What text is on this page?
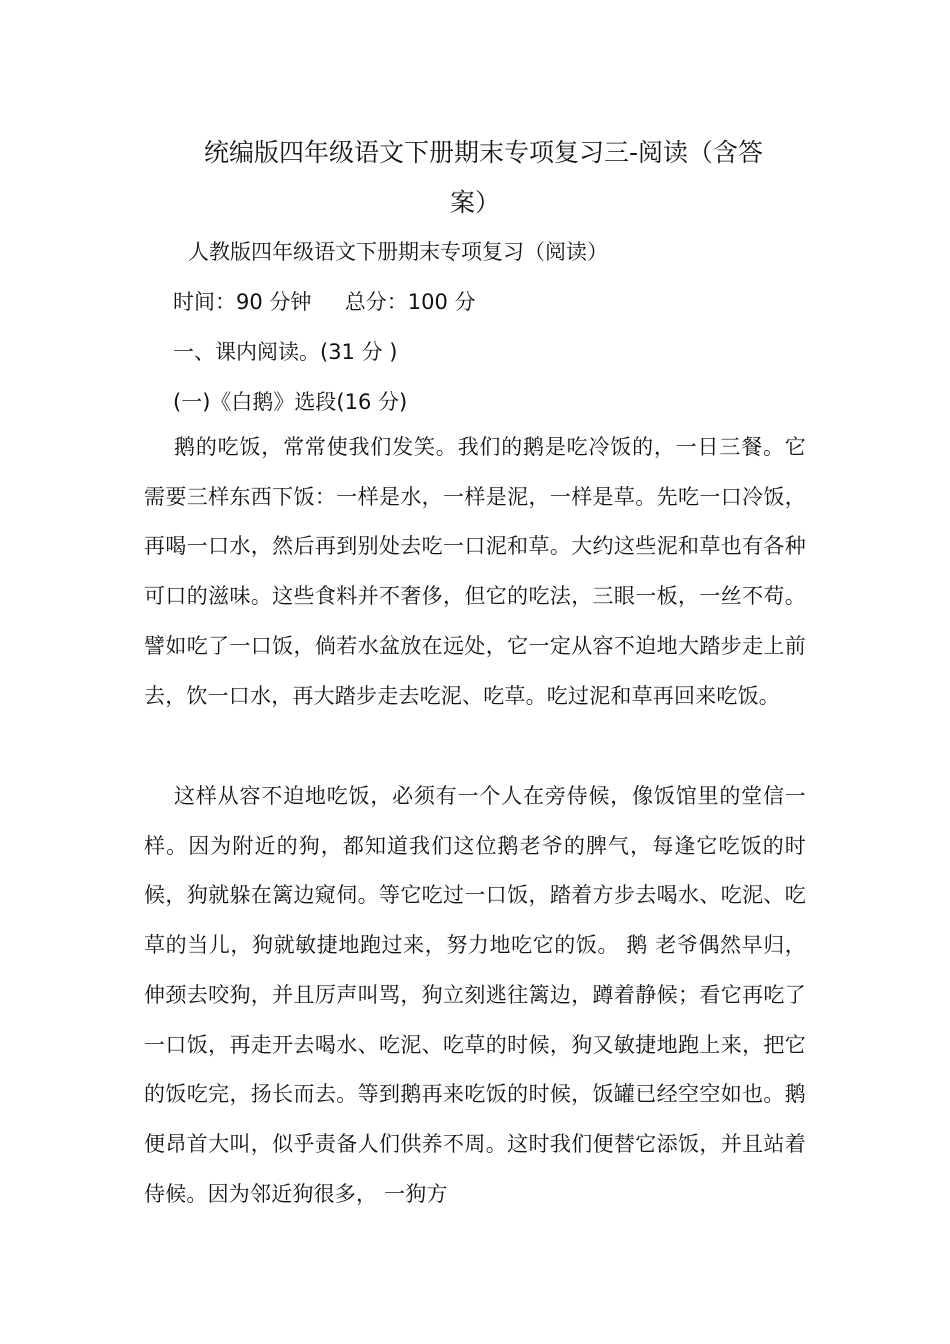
统编版四年级语文下册期末专项复习三-阅读（含答
案）
人教版四年级语文下册期末专项复习（阅读）
时间：90 分钟     总分：100 分
一、课内阅读。(31 分 )
(一)《白鹅》选段(16 分)

鹅的吃饭，常常使我们发笑。我们的鹅是吃冷饭的，一日三餐。它需要三样东西下饭：一样是水，一样是泥，一样是草。先吃一口冷饭，再喝一口水，然后再到别处去吃一口泥和草。大约这些泥和草也有各种可口的滋味。这些食料并不奢侈，但它的吃法，三眼一板，一丝不苟。譬如吃了一口饭，倘若水盆放在远处，它一定从容不迫地大踏步走上前去，饮一口水，再大踏步走去吃泥、吃草。吃过泥和草再回来吃饭。

这样从容不迫地吃饭，必须有一个人在旁侍候，像饭馆里的堂信一样。因为附近的狗，都知道我们这位鹅老爷的脾气，每逢它吃饭的时候，狗就躲在篱边窥伺。等它吃过一口饭，踏着方步去喝水、吃泥、吃草的当儿，狗就敏捷地跑过来，努力地吃它的饭。 鹅 老爷偶然早归，伸颈去咬狗，并且厉声叫骂，狗立刻逃往篱边，蹲着静候；看它再吃了一口饭，再走开去喝水、吃泥、吃草的时候，狗又敏捷地跑上来，把它的饭吃完，扬长而去。等到鹅再来吃饭的时候，饭罐已经空空如也。鹅便昂首大叫，似乎责备人们供养不周。这时我们便替它添饭，并且站着侍候。因为邻近狗很多， 一狗方
